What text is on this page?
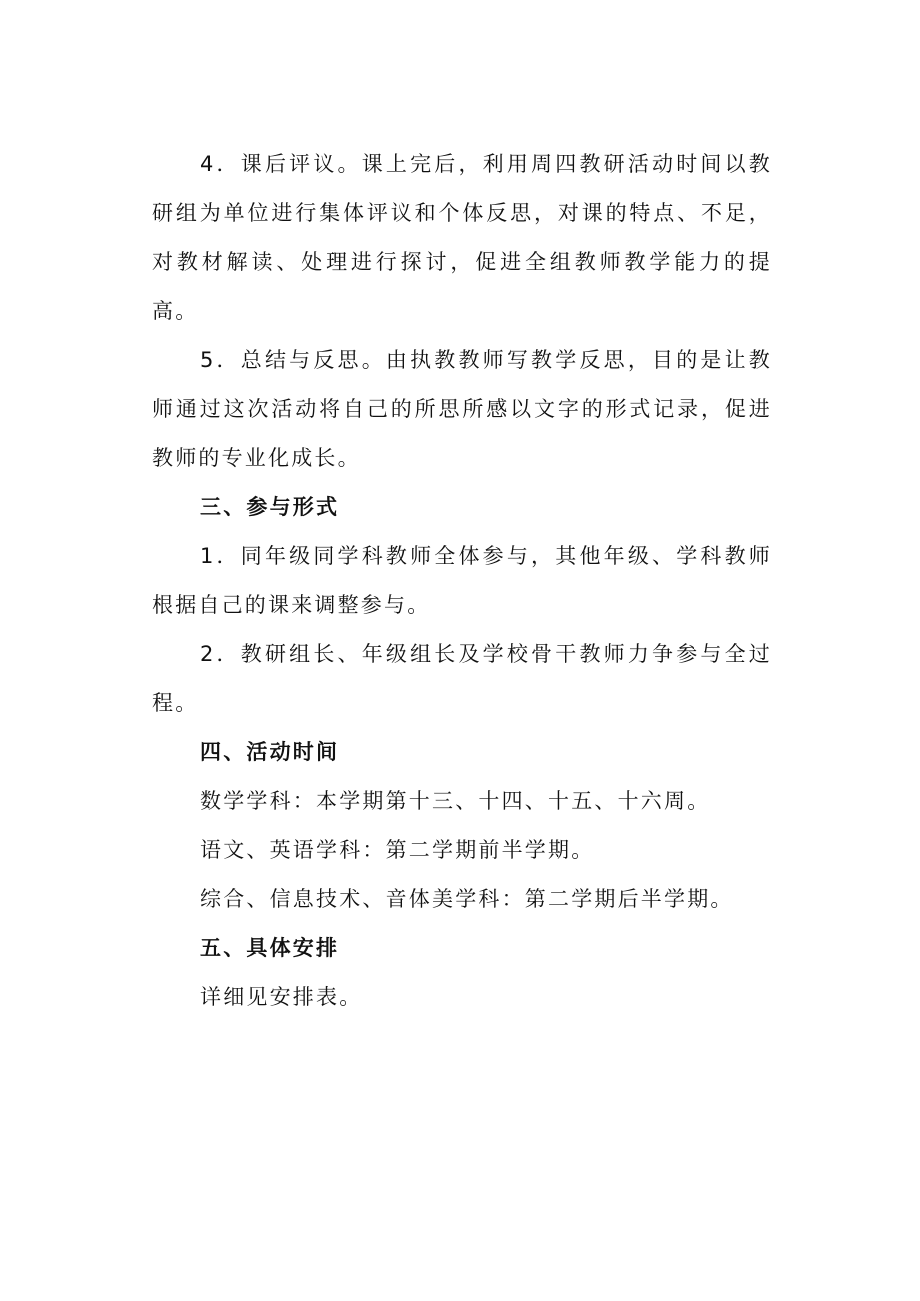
4．课后评议。课上完后，利用周四教研活动时间以教研组为单位进行集体评议和个体反思，对课的特点、不足，对教材解读、处理进行探讨，促进全组教师教学能力的提高。

5．总结与反思。由执教教师写教学反思，目的是让教师通过这次活动将自己的所思所感以文字的形式记录，促进教师的专业化成长。

三、参与形式

1．同年级同学科教师全体参与，其他年级、学科教师根据自己的课来调整参与。

2．教研组长、年级组长及学校骨干教师力争参与全过程。

四、活动时间

数学学科：本学期第十三、十四、十五、十六周。

语文、英语学科：第二学期前半学期。

综合、信息技术、音体美学科：第二学期后半学期。

五、具体安排

详细见安排表。
